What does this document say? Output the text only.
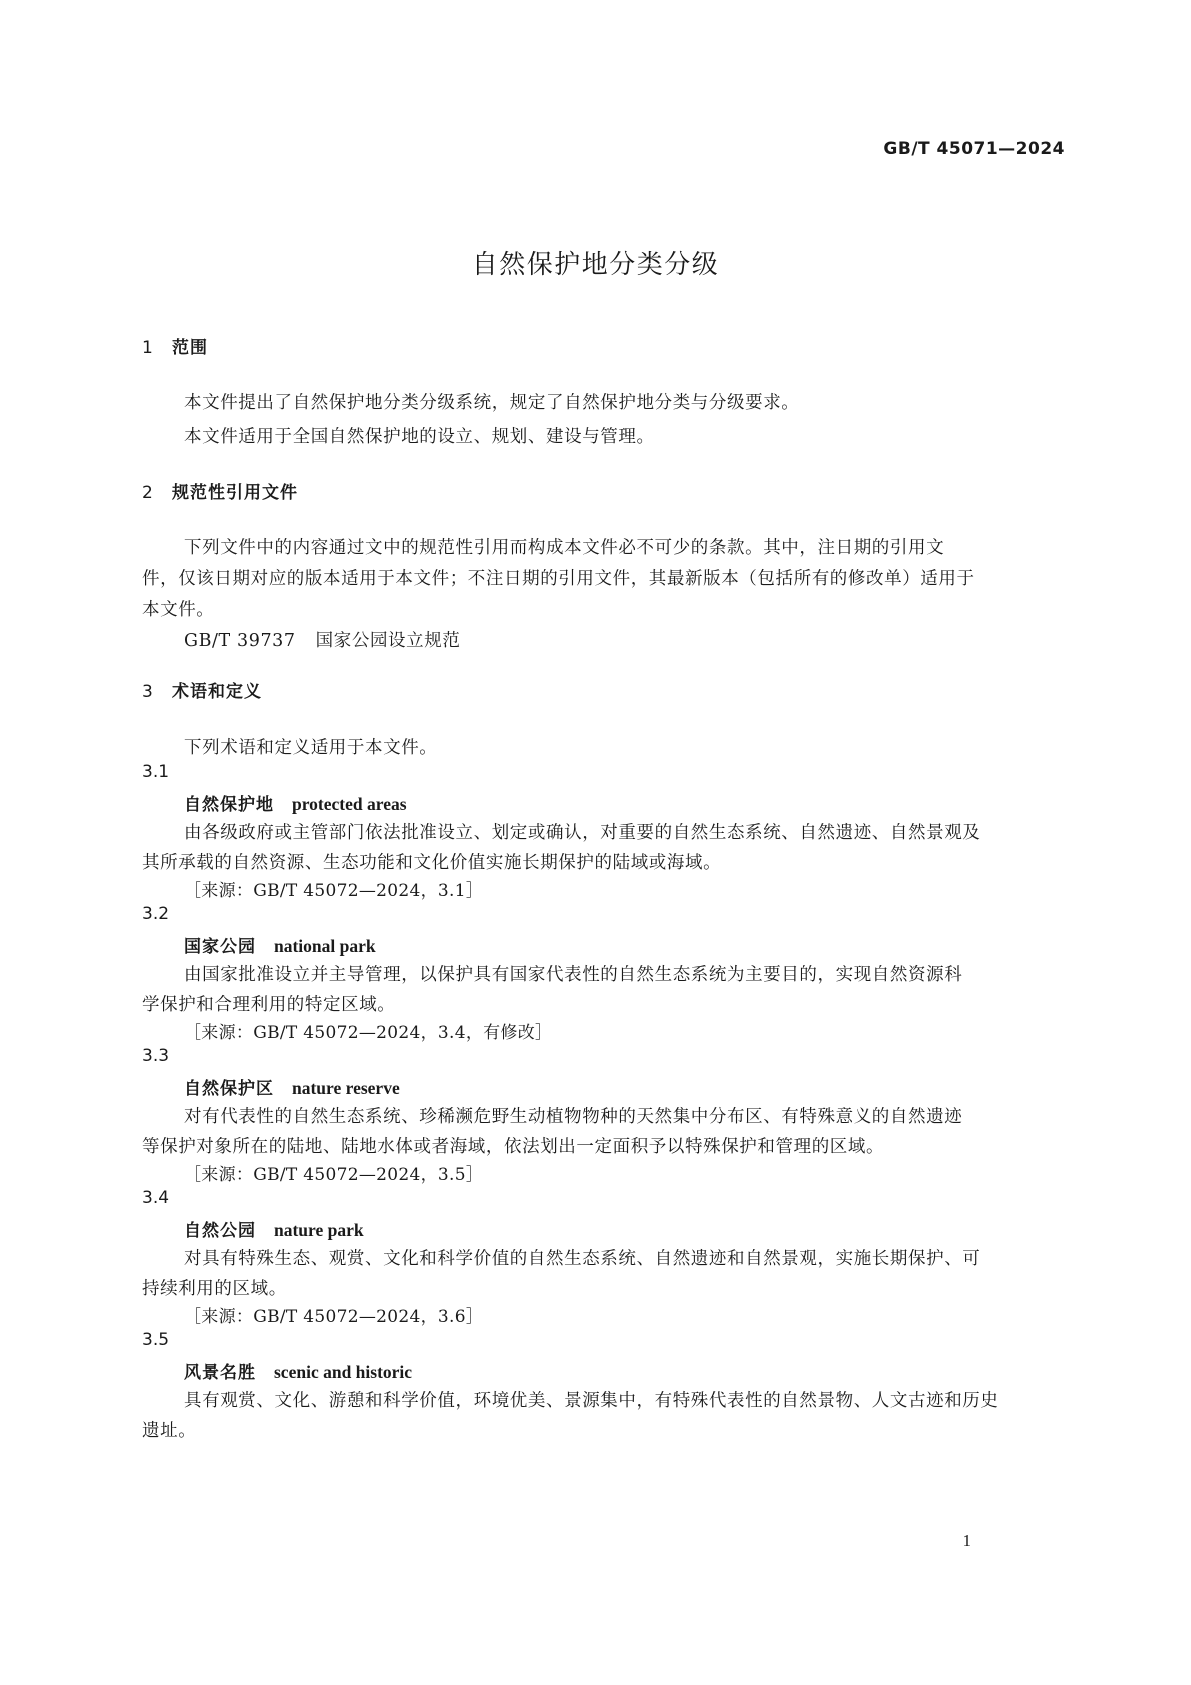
GB/T 45071—2024
自然保护地分类分级
1 范围
本文件提出了自然保护地分类分级系统，规定了自然保护地分类与分级要求。
本文件适用于全国自然保护地的设立、规划、建设与管理。
2 规范性引用文件
下列文件中的内容通过文中的规范性引用而构成本文件必不可少的条款。其中，注日期的引用文
件，仅该日期对应的版本适用于本文件；不注日期的引用文件，其最新版本（包括所有的修改单）适用于
本文件。
GB/T 39737 国家公园设立规范
3 术语和定义
下列术语和定义适用于本文件。
3.1
自然保护地 protected areas
由各级政府或主管部门依法批准设立、划定或确认，对重要的自然生态系统、自然遗迹、自然景观及
其所承载的自然资源、生态功能和文化价值实施长期保护的陆域或海域。
［来源：GB/T 45072—2024，3.1］
3.2
国家公园 national park
由国家批准设立并主导管理，以保护具有国家代表性的自然生态系统为主要目的，实现自然资源科
学保护和合理利用的特定区域。
［来源：GB/T 45072—2024，3.4，有修改］
3.3
自然保护区 nature reserve
对有代表性的自然生态系统、珍稀濒危野生动植物物种的天然集中分布区、有特殊意义的自然遗迹
等保护对象所在的陆地、陆地水体或者海域，依法划出一定面积予以特殊保护和管理的区域。
［来源：GB/T 45072—2024，3.5］
3.4
自然公园 nature park
对具有特殊生态、观赏、文化和科学价值的自然生态系统、自然遗迹和自然景观，实施长期保护、可
持续利用的区域。
［来源：GB/T 45072—2024，3.6］
3.5
风景名胜 scenic and historic
具有观赏、文化、游憩和科学价值，环境优美、景源集中，有特殊代表性的自然景物、人文古迹和历史
遗址。
1
